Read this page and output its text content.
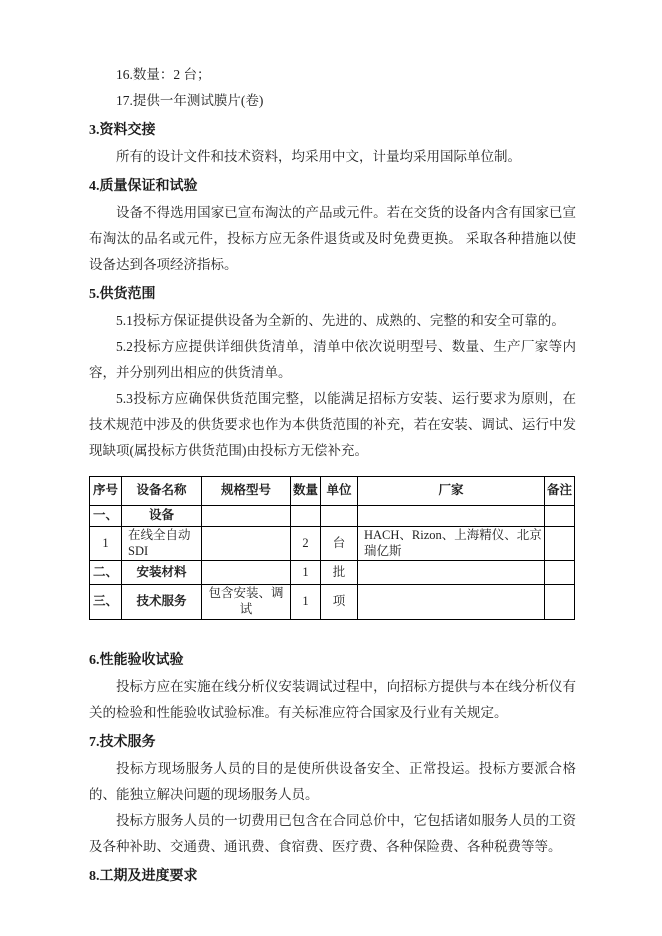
16.数量：2 台；

17.提供一年测试膜片(卷)

3.资料交接

所有的设计文件和技术资料，均采用中文，计量均采用国际单位制。

4.质量保证和试验

设备不得选用国家已宣布淘汰的产品或元件。若在交货的设备内含有国家已宣布淘汰的品名或元件，投标方应无条件退货或及时免费更换。 采取各种措施以使设备达到各项经济指标。

5.供货范围

5.1投标方保证提供设备为全新的、先进的、成熟的、完整的和安全可靠的。

5.2投标方应提供详细供货清单，清单中依次说明型号、数量、生产厂家等内容，并分别列出相应的供货清单。

5.3投标方应确保供货范围完整，以能满足招标方安装、运行要求为原则，在技术规范中涉及的供货要求也作为本供货范围的补充，若在安装、调试、运行中发现缺项(属投标方供货范围)由投标方无偿补充。

序号	设备名称	规格型号	数量	单位	厂家	备注
一、	设备					
1	在线全自动 SDI		2	台	HACH、Rizon、上海精仪、北京瑞亿斯	
二、	安装材料		1	批		
三、	技术服务	包含安装、调试	1	项		
6.性能验收试验

投标方应在实施在线分析仪安装调试过程中，向招标方提供与本在线分析仪有关的检验和性能验收试验标准。有关标准应符合国家及行业有关规定。

7.技术服务

投标方现场服务人员的目的是使所供设备安全、正常投运。投标方要派合格的、能独立解决问题的现场服务人员。

投标方服务人员的一切费用已包含在合同总价中，它包括诸如服务人员的工资及各种补助、交通费、通讯费、食宿费、医疗费、各种保险费、各种税费等等。

8.工期及进度要求
